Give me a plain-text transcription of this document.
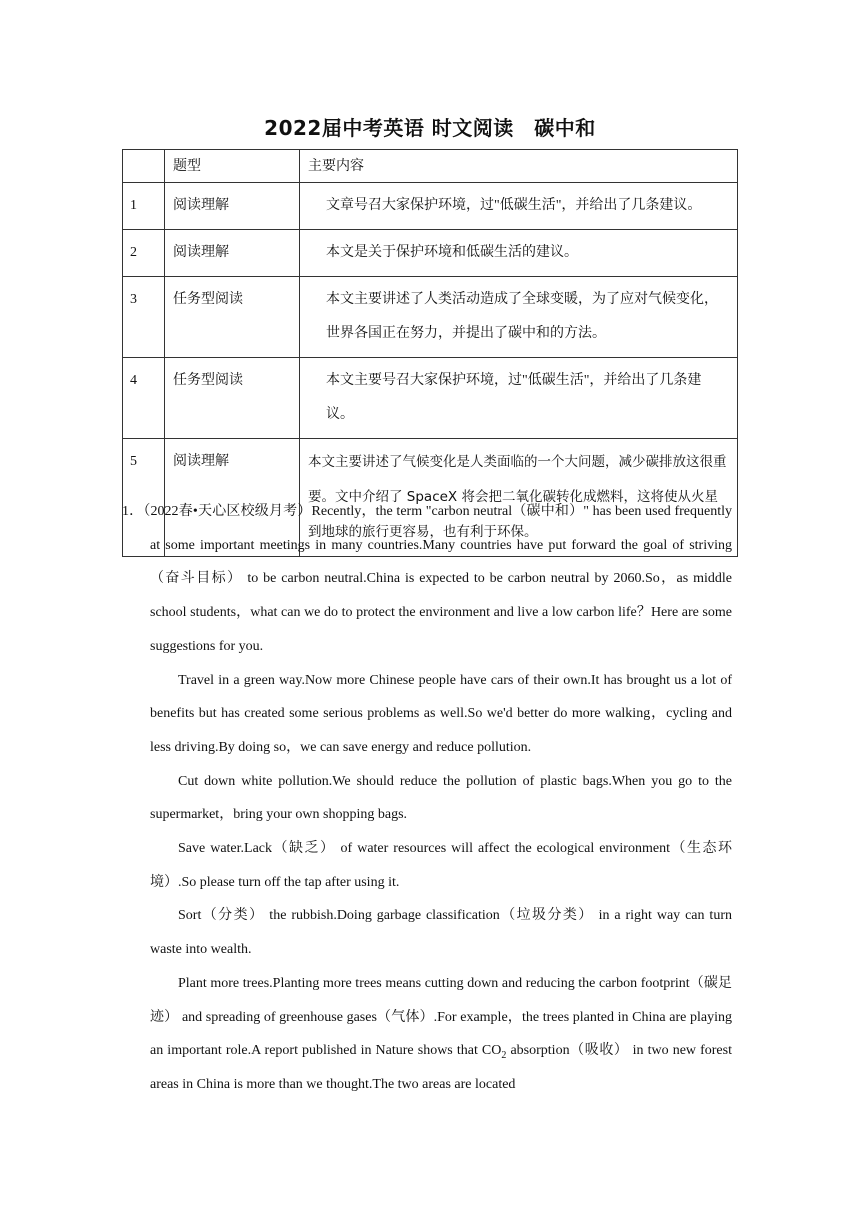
2022届中考英语 时文阅读　碳中和
	题型	主要内容
1	阅读理解	文章号召大家保护环境，过"低碳生活"，并给出了几条建议。

2	阅读理解	本文是关于保护环境和低碳生活的建议。

3	任务型阅读	本文主要讲述了人类活动造成了全球变暖，为了应对气候变化，世界各国正在努力，并提出了碳中和的方法。

4	任务型阅读	本文主要号召大家保护环境，过"低碳生活"，并给出了几条建议。

5	阅读理解	本文主要讲述了气候变化是人类面临的一个大问题，减少碳排放这很重要。文中介绍了 SpaceX 将会把二氧化碳转化成燃料，这将使从火星到地球的旅行更容易，也有利于环保。

1．（2022春•天心区校级月考）Recently，the term "carbon neutral（碳中和）" has been used frequently at some important meetings in many countries.Many countries have put forward the goal of striving（奋斗目标） to be carbon neutral.China is expected to be carbon neutral by 2060.So，as middle school students，what can we do to protect the environment and live a low carbon life？Here are some suggestions for you.

Travel in a green way.Now more Chinese people have cars of their own.It has brought us a lot of benefits but has created some serious problems as well.So we'd better do more walking，cycling and less driving.By doing so，we can save energy and reduce pollution.

Cut down white pollution.We should reduce the pollution of plastic bags.When you go to the supermarket，bring your own shopping bags.

Save water.Lack（缺乏） of water resources will affect the ecological environment（生态环境）.So please turn off the tap after using it.

Sort（分类） the rubbish.Doing garbage classification（垃圾分类） in a right way can turn waste into wealth.

Plant more trees.Planting more trees means cutting down and reducing the carbon footprint（碳足迹） and spreading of greenhouse gases（气体）.For example，the trees planted in China are playing an important role.A report published in Nature shows that $CO_2$ absorption（吸收） in two new forest areas in China is more than we thought.The two areas are located
